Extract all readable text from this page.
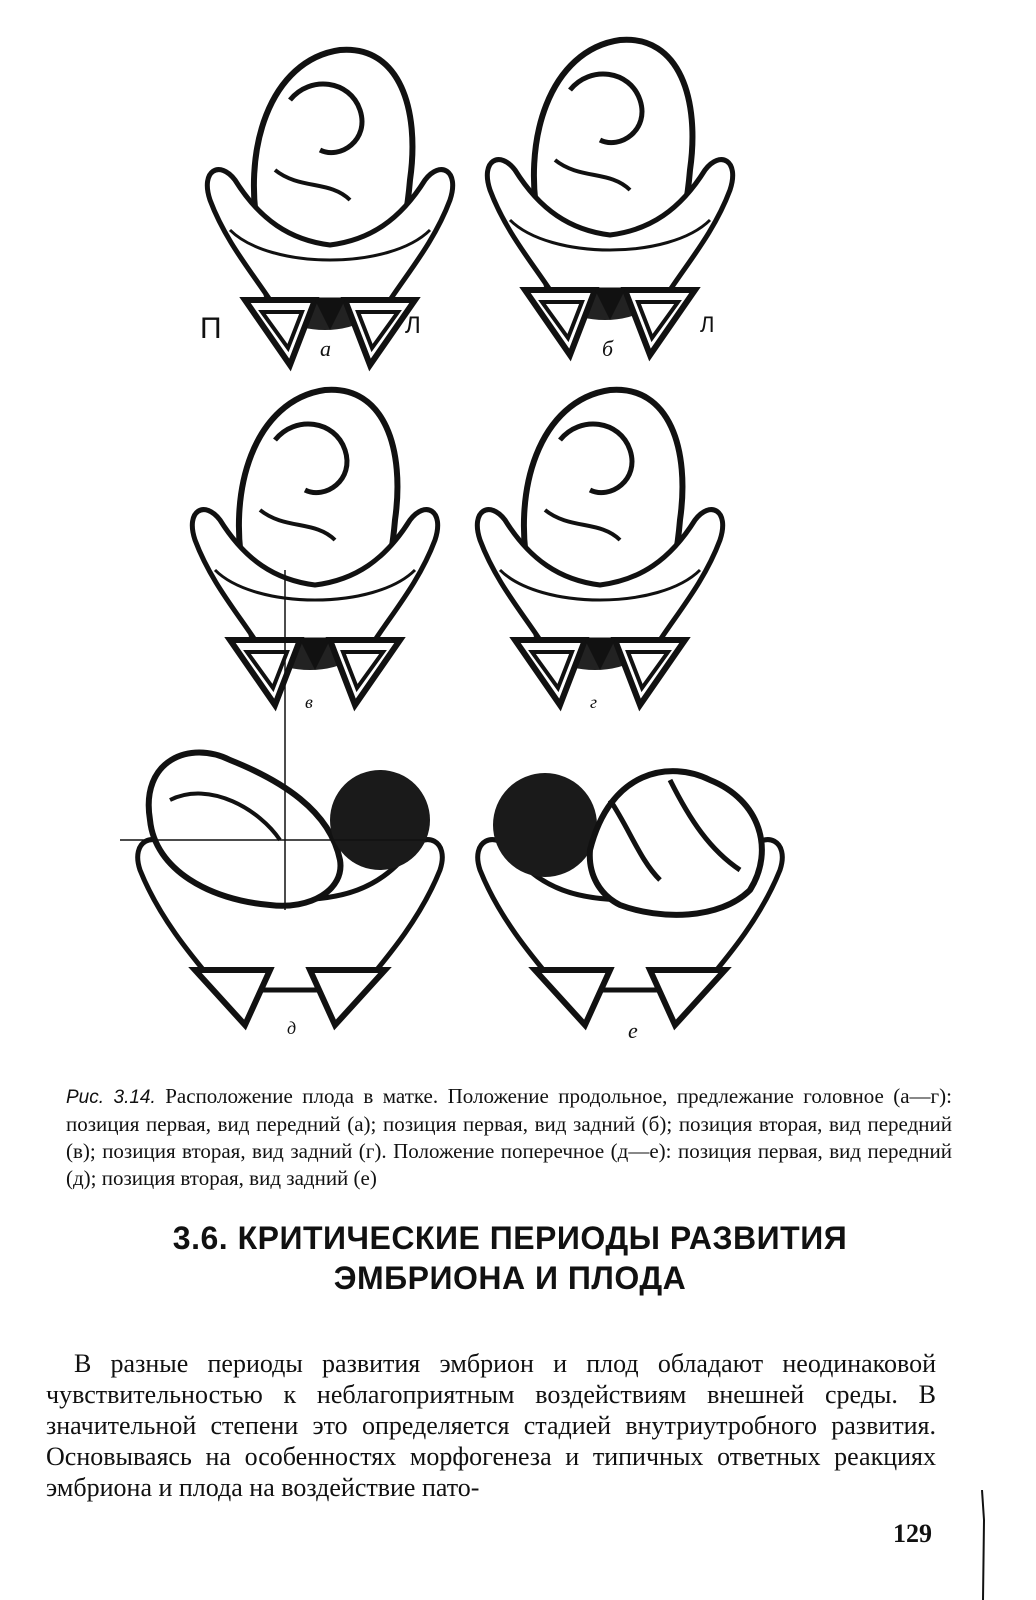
П	Л	Л
а	б
в	г
д	е

Рис. 3.14. Расположение плода в матке. Положение продольное, предлежание головное (а—г): позиция первая, вид передний (а); позиция первая, вид задний (б); позиция вторая, вид передний (в); позиция вторая, вид задний (г). Положение поперечное (д—е): позиция первая, вид передний (д); позиция вторая, вид задний (е)

3.6. КРИТИЧЕСКИЕ ПЕРИОДЫ РАЗВИТИЯ
ЭМБРИОНА И ПЛОДА

В разные периоды развития эмбрион и плод обладают неодинаковой чувствительностью к неблагоприятным воздействиям внешней среды. В значительной степени это определяется стадией внутриутробного развития. Основываясь на особенностях морфогенеза и типичных ответных реакциях эмбриона и плода на воздействие пато-

129
